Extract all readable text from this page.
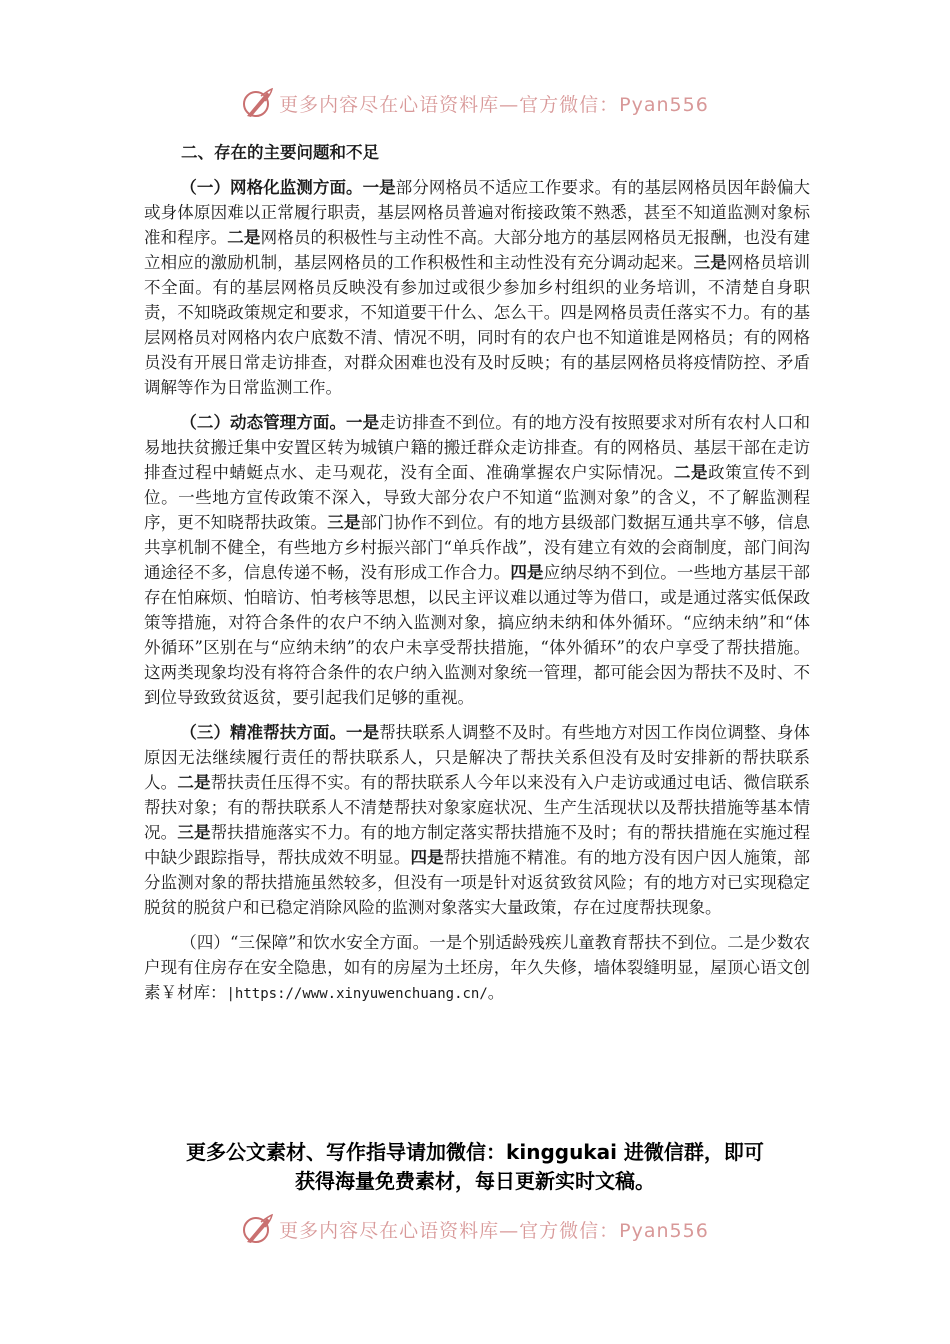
更多内容尽在心语资料库—官方微信：Pyan556

二、存在的主要问题和不足

（一）网格化监测方面。一是部分网格员不适应工作要求。有的基层网格员因年龄偏大或身体原因难以正常履行职责，基层网格员普遍对衔接政策不熟悉，甚至不知道监测对象标准和程序。二是网格员的积极性与主动性不高。大部分地方的基层网格员无报酬，也没有建立相应的激励机制，基层网格员的工作积极性和主动性没有充分调动起来。三是网格员培训不全面。有的基层网格员反映没有参加过或很少参加乡村组织的业务培训，不清楚自身职责，不知晓政策规定和要求，不知道要干什么、怎么干。四是网格员责任落实不力。有的基层网格员对网格内农户底数不清、情况不明，同时有的农户也不知道谁是网格员；有的网格员没有开展日常走访排查，对群众困难也没有及时反映；有的基层网格员将疫情防控、矛盾调解等作为日常监测工作。

（二）动态管理方面。一是走访排查不到位。有的地方没有按照要求对所有农村人口和易地扶贫搬迁集中安置区转为城镇户籍的搬迁群众走访排查。有的网格员、基层干部在走访排查过程中蜻蜓点水、走马观花，没有全面、准确掌握农户实际情况。二是政策宣传不到位。一些地方宣传政策不深入，导致大部分农户不知道“监测对象”的含义，不了解监测程序，更不知晓帮扶政策。三是部门协作不到位。有的地方县级部门数据互通共享不够，信息共享机制不健全，有些地方乡村振兴部门“单兵作战”，没有建立有效的会商制度，部门间沟通途径不多，信息传递不畅，没有形成工作合力。四是应纳尽纳不到位。一些地方基层干部存在怕麻烦、怕暗访、怕考核等思想，以民主评议难以通过等为借口，或是通过落实低保政策等措施，对符合条件的农户不纳入监测对象，搞应纳未纳和体外循环。“应纳未纳”和“体外循环”区别在与“应纳未纳”的农户未享受帮扶措施，“体外循环”的农户享受了帮扶措施。这两类现象均没有将符合条件的农户纳入监测对象统一管理，都可能会因为帮扶不及时、不到位导致致贫返贫，要引起我们足够的重视。

（三）精准帮扶方面。一是帮扶联系人调整不及时。有些地方对因工作岗位调整、身体原因无法继续履行责任的帮扶联系人，只是解决了帮扶关系但没有及时安排新的帮扶联系人。二是帮扶责任压得不实。有的帮扶联系人今年以来没有入户走访或通过电话、微信联系帮扶对象；有的帮扶联系人不清楚帮扶对象家庭状况、生产生活现状以及帮扶措施等基本情况。三是帮扶措施落实不力。有的地方制定落实帮扶措施不及时；有的帮扶措施在实施过程中缺少跟踪指导，帮扶成效不明显。四是帮扶措施不精准。有的地方没有因户因人施策，部分监测对象的帮扶措施虽然较多，但没有一项是针对返贫致贫风险；有的地方对已实现稳定脱贫的脱贫户和已稳定消除风险的监测对象落实大量政策，存在过度帮扶现象。

（四）“三保障”和饮水安全方面。一是个别适龄残疾儿童教育帮扶不到位。二是少数农户现有住房存在安全隐患，如有的房屋为土坯房，年久失修，墙体裂缝明显，屋顶心语文创素￥材库：|https://www.xinyuwenchuang.cn/。

更多公文素材、写作指导请加微信：kinggukai 进微信群，即可
获得海量免费素材，每日更新实时文稿。
更多内容尽在心语资料库—官方微信：Pyan556
